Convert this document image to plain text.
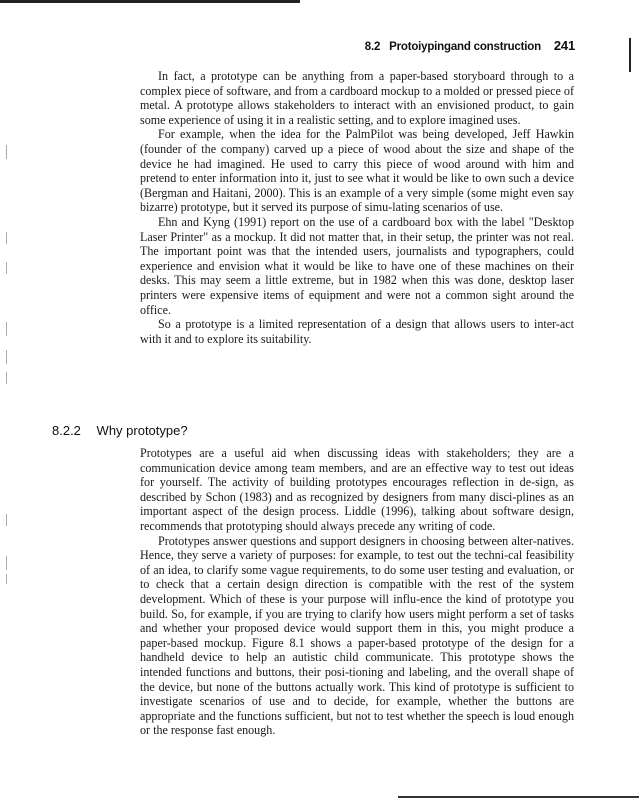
8.2 Protoiypingand construction 241

In fact, a prototype can be anything from a paper-based storyboard through to a complex piece of software, and from a cardboard mockup to a molded or pressed piece of metal. A prototype allows stakeholders to interact with an envisioned product, to gain some experience of using it in a realistic setting, and to explore imagined uses.

For example, when the idea for the PalmPilot was being developed, Jeff Hawkin (founder of the company) carved up a piece of wood about the size and shape of the device he had imagined. He used to carry this piece of wood around with him and pretend to enter information into it, just to see what it would be like to own such a device (Bergman and Haitani, 2000). This is an example of a very simple (some might even say bizarre) prototype, but it served its purpose of simu-lating scenarios of use.

Ehn and Kyng (1991) report on the use of a cardboard box with the label "Desktop Laser Printer" as a mockup. It did not matter that, in their setup, the printer was not real. The important point was that the intended users, journalists and typographers, could experience and envision what it would be like to have one of these machines on their desks. This may seem a little extreme, but in 1982 when this was done, desktop laser printers were expensive items of equipment and were not a common sight around the office.

So a prototype is a limited representation of a design that allows users to inter-act with it and to explore its suitability.

8.2.2 Why prototype?

Prototypes are a useful aid when discussing ideas with stakeholders; they are a communication device among team members, and are an effective way to test out ideas for yourself. The activity of building prototypes encourages reflection in de-sign, as described by Schon (1983) and as recognized by designers from many disci-plines as an important aspect of the design process. Liddle (1996), talking about software design, recommends that prototyping should always precede any writing of code.

Prototypes answer questions and support designers in choosing between alter-natives. Hence, they serve a variety of purposes: for example, to test out the techni-cal feasibility of an idea, to clarify some vague requirements, to do some user testing and evaluation, or to check that a certain design direction is compatible with the rest of the system development. Which of these is your purpose will influ-ence the kind of prototype you build. So, for example, if you are trying to clarify how users might perform a set of tasks and whether your proposed device would support them in this, you might produce a paper-based mockup. Figure 8.1 shows a paper-based prototype of the design for a handheld device to help an autistic child communicate. This prototype shows the intended functions and buttons, their posi-tioning and labeling, and the overall shape of the device, but none of the buttons actually work. This kind of prototype is sufficient to investigate scenarios of use and to decide, for example, whether the buttons are appropriate and the functions sufficient, but not to test whether the speech is loud enough or the response fast enough.
